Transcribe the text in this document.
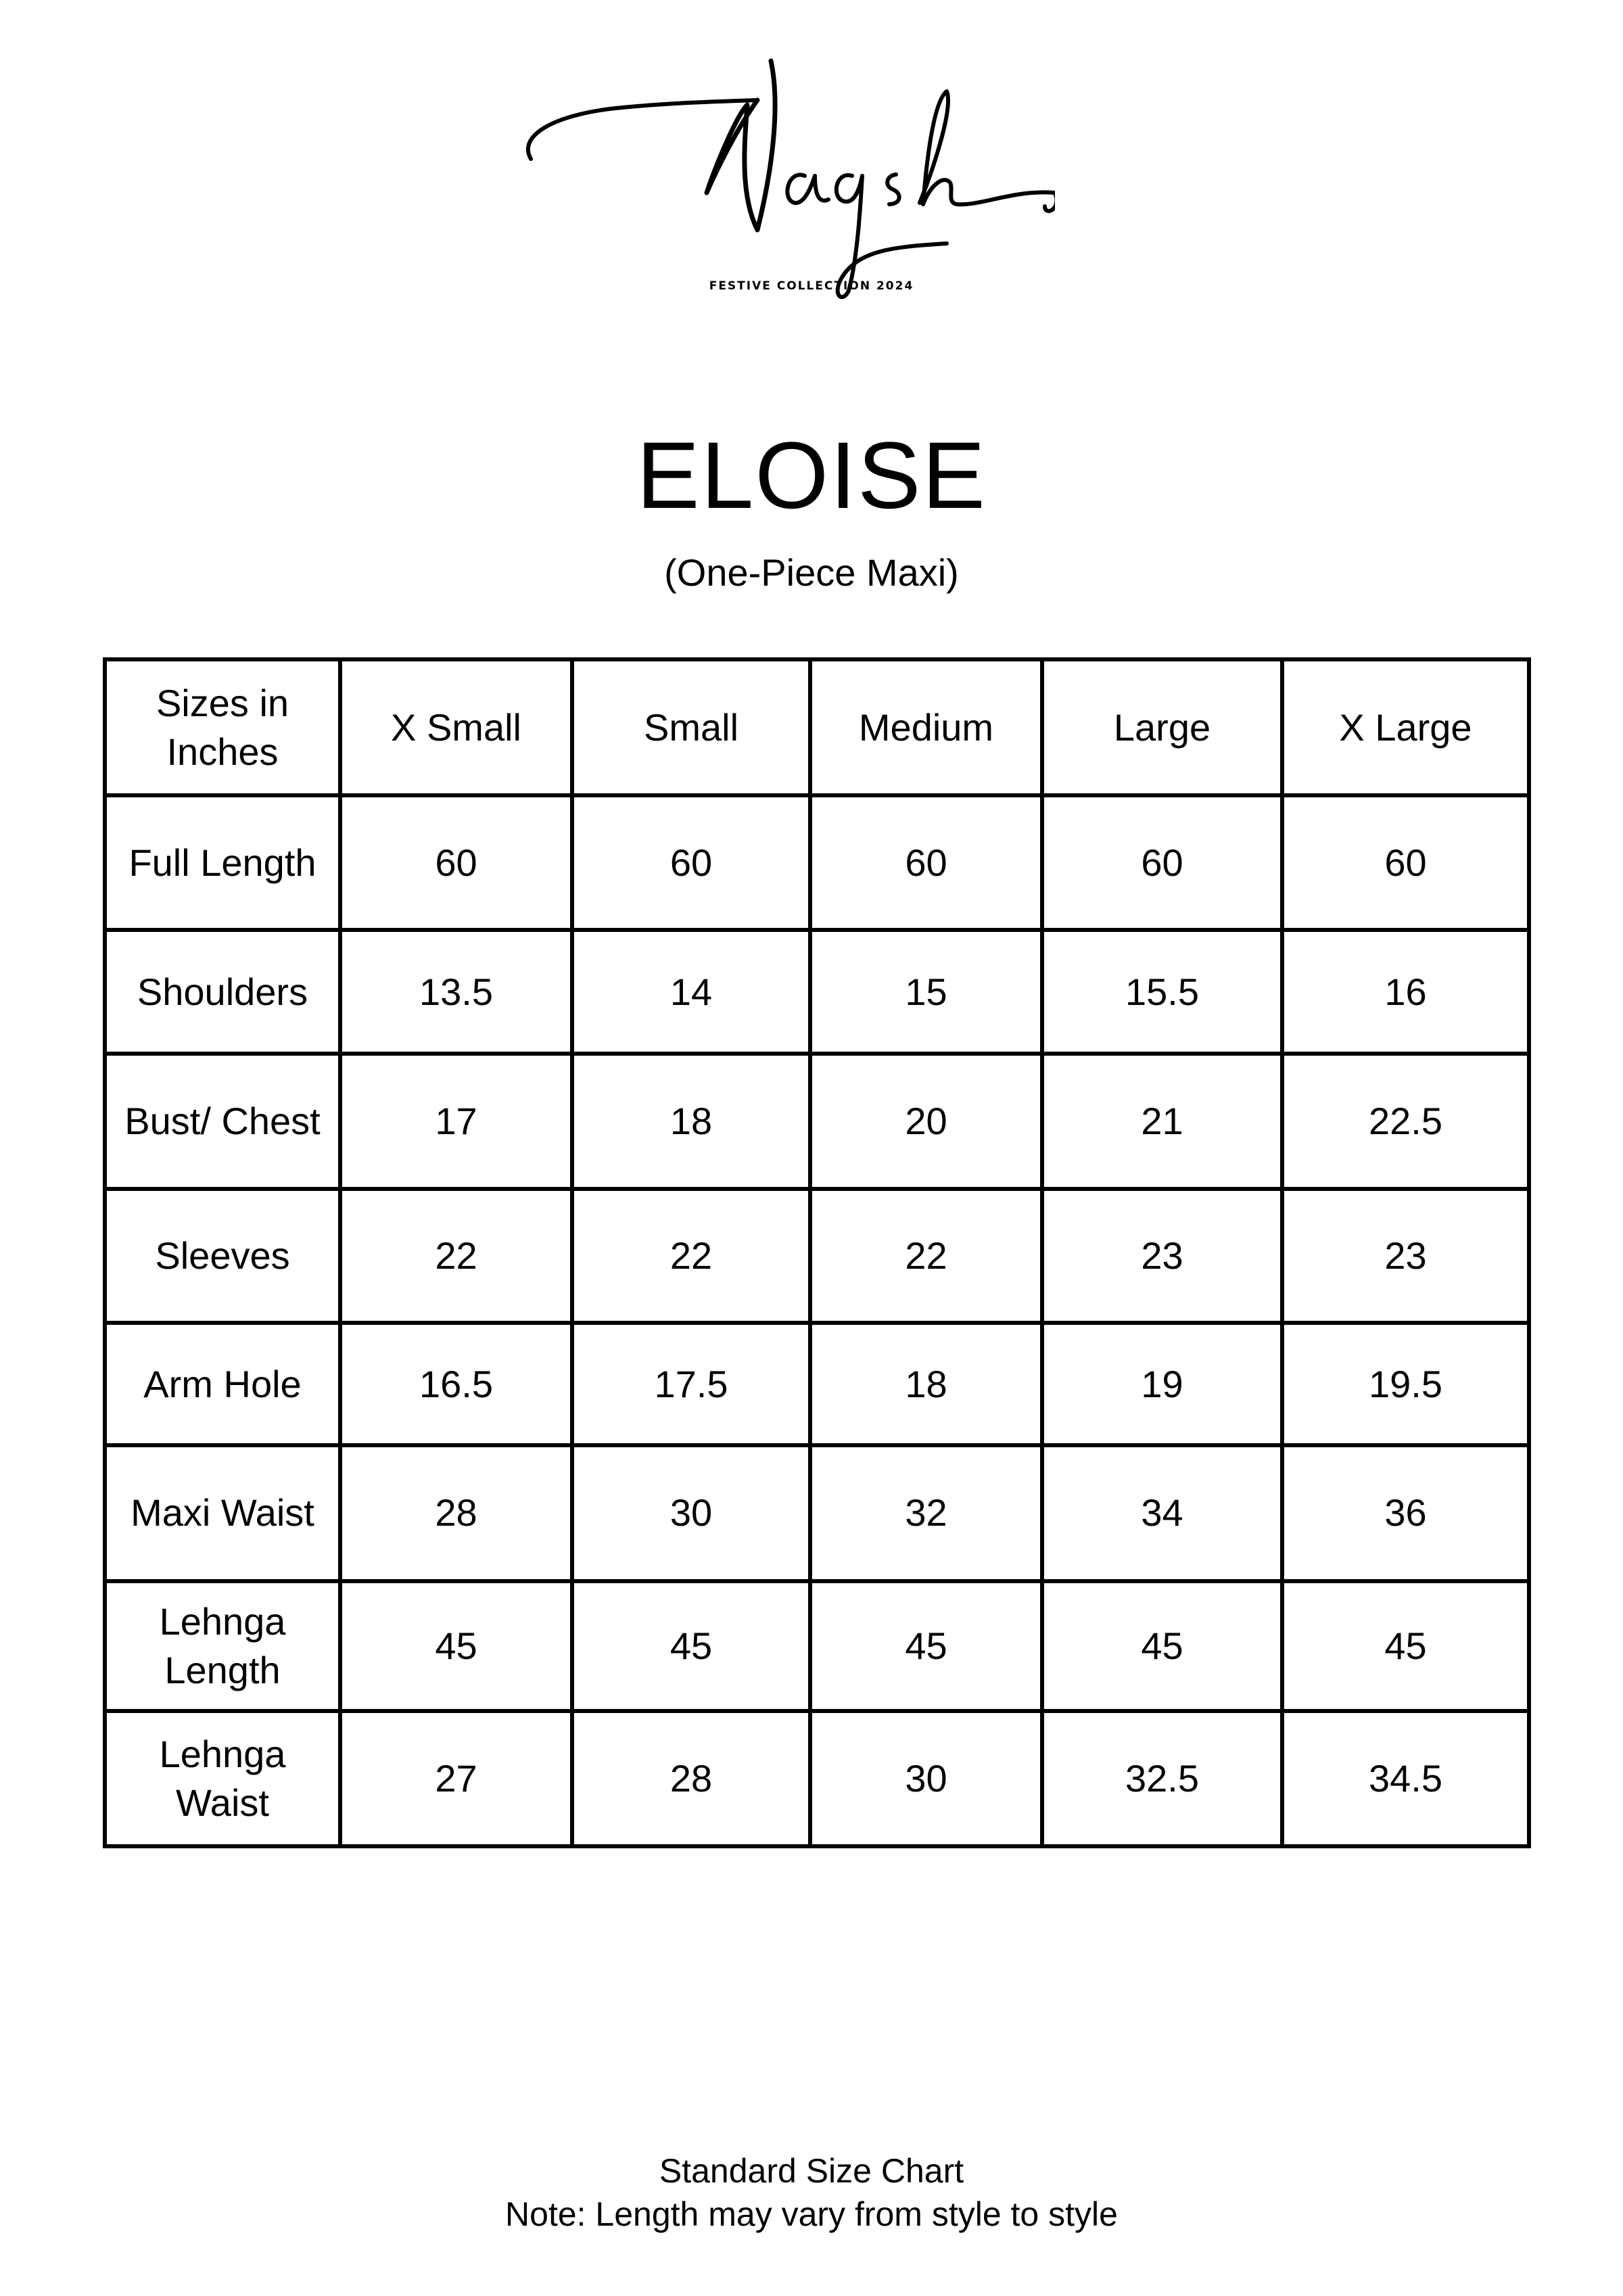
FESTIVE COLLECTION 2024
ELOISE
(One-Piece Maxi)
Sizes in Inches	X Small	Small	Medium	Large	X Large
Full Length	60	60	60	60	60
Shoulders	13.5	14	15	15.5	16
Bust/ Chest	17	18	20	21	22.5
Sleeves	22	22	22	23	23
Arm Hole	16.5	17.5	18	19	19.5
Maxi Waist	28	30	32	34	36
Lehnga Length	45	45	45	45	45
Lehnga Waist	27	28	30	32.5	34.5
Standard Size Chart
Note: Length may vary from style to style
